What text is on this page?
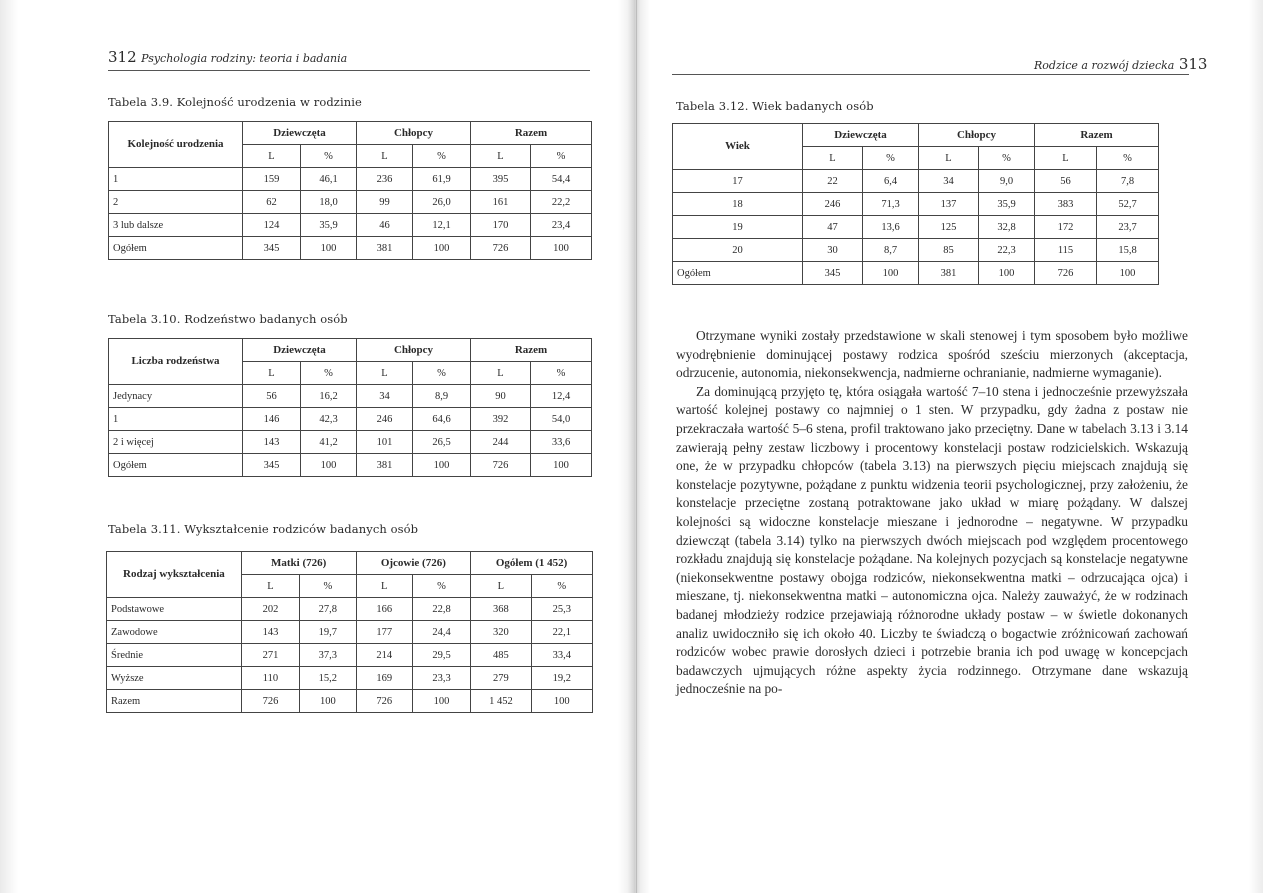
312 Psychologia rodziny: teoria i badania
Tabela 3.9. Kolejność urodzenia w rodzinie
Kolejność urodzenia	Dziewczęta		Chłopcy		Razem	
	L	%	L	%	L	%
1	159	46,1	236	61,9	395	54,4
2	62	18,0	99	26,0	161	22,2
3 lub dalsze	124	35,9	46	12,1	170	23,4
Ogółem	345	100	381	100	726	100
Tabela 3.10. Rodzeństwo badanych osób
Liczba rodzeństwa	Dziewczęta		Chłopcy		Razem	
	L	%	L	%	L	%
Jedynacy	56	16,2	34	8,9	90	12,4
1	146	42,3	246	64,6	392	54,0
2 i więcej	143	41,2	101	26,5	244	33,6
Ogółem	345	100	381	100	726	100
Tabela 3.11. Wykształcenie rodziców badanych osób
Rodzaj wykształcenia	Matki (726)		Ojcowie (726)		Ogółem (1 452)	
	L	%	L	%	L	%
Podstawowe	202	27,8	166	22,8	368	25,3
Zawodowe	143	19,7	177	24,4	320	22,1
Średnie	271	37,3	214	29,5	485	33,4
Wyższe	110	15,2	169	23,3	279	19,2
Razem	726	100	726	100	1 452	100
Rodzice a rozwój dziecka 313
Tabela 3.12. Wiek badanych osób
Wiek	Dziewczęta		Chłopcy		Razem	
	L	%	L	%	L	%
17	22	6,4	34	9,0	56	7,8
18	246	71,3	137	35,9	383	52,7
19	47	13,6	125	32,8	172	23,7
20	30	8,7	85	22,3	115	15,8
Ogółem	345	100	381	100	726	100

Otrzymane wyniki zostały przedstawione w skali stenowej i tym sposobem było możliwe wyodrębnienie dominującej postawy rodzica spośród sześciu mierzonych (akceptacja, odrzucenie, autonomia, niekonsekwencja, nadmierne ochranianie, nadmierne wymaganie).

Za dominującą przyjęto tę, która osiągała wartość 7–10 stena i jednocześnie przewyższała wartość kolejnej postawy co najmniej o 1 sten. W przypadku, gdy żadna z postaw nie przekraczała wartość 5–6 stena, profil traktowano jako przeciętny. Dane w tabelach 3.13 i 3.14 zawierają pełny zestaw liczbowy i procentowy konstelacji postaw rodzicielskich. Wskazują one, że w przypadku chłopców (tabela 3.13) na pierwszych pięciu miejscach znajdują się konstelacje pozytywne, pożądane z punktu widzenia teorii psychologicznej, przy założeniu, że konstelacje przeciętne zostaną potraktowane jako układ w miarę pożądany. W dalszej kolejności są widoczne konstelacje mieszane i jednorodne – negatywne. W przypadku dziewcząt (tabela 3.14) tylko na pierwszych dwóch miejscach pod względem procentowego rozkładu znajdują się konstelacje pożądane. Na kolejnych pozycjach są konstelacje negatywne (niekonsekwentne postawy obojga rodziców, niekonsekwentna matki – odrzucająca ojca) i mieszane, tj. niekonsekwentna matki – autonomiczna ojca. Należy zauważyć, że w rodzinach badanej młodzieży rodzice przejawiają różnorodne układy postaw – w świetle dokonanych analiz uwidoczniło się ich około 40. Liczby te świadczą o bogactwie zróżnicowań zachowań rodziców wobec prawie dorosłych dzieci i potrzebie brania ich pod uwagę w koncepcjach badawczych ujmujących różne aspekty życia rodzinnego. Otrzymane dane wskazują jednocześnie na po-
